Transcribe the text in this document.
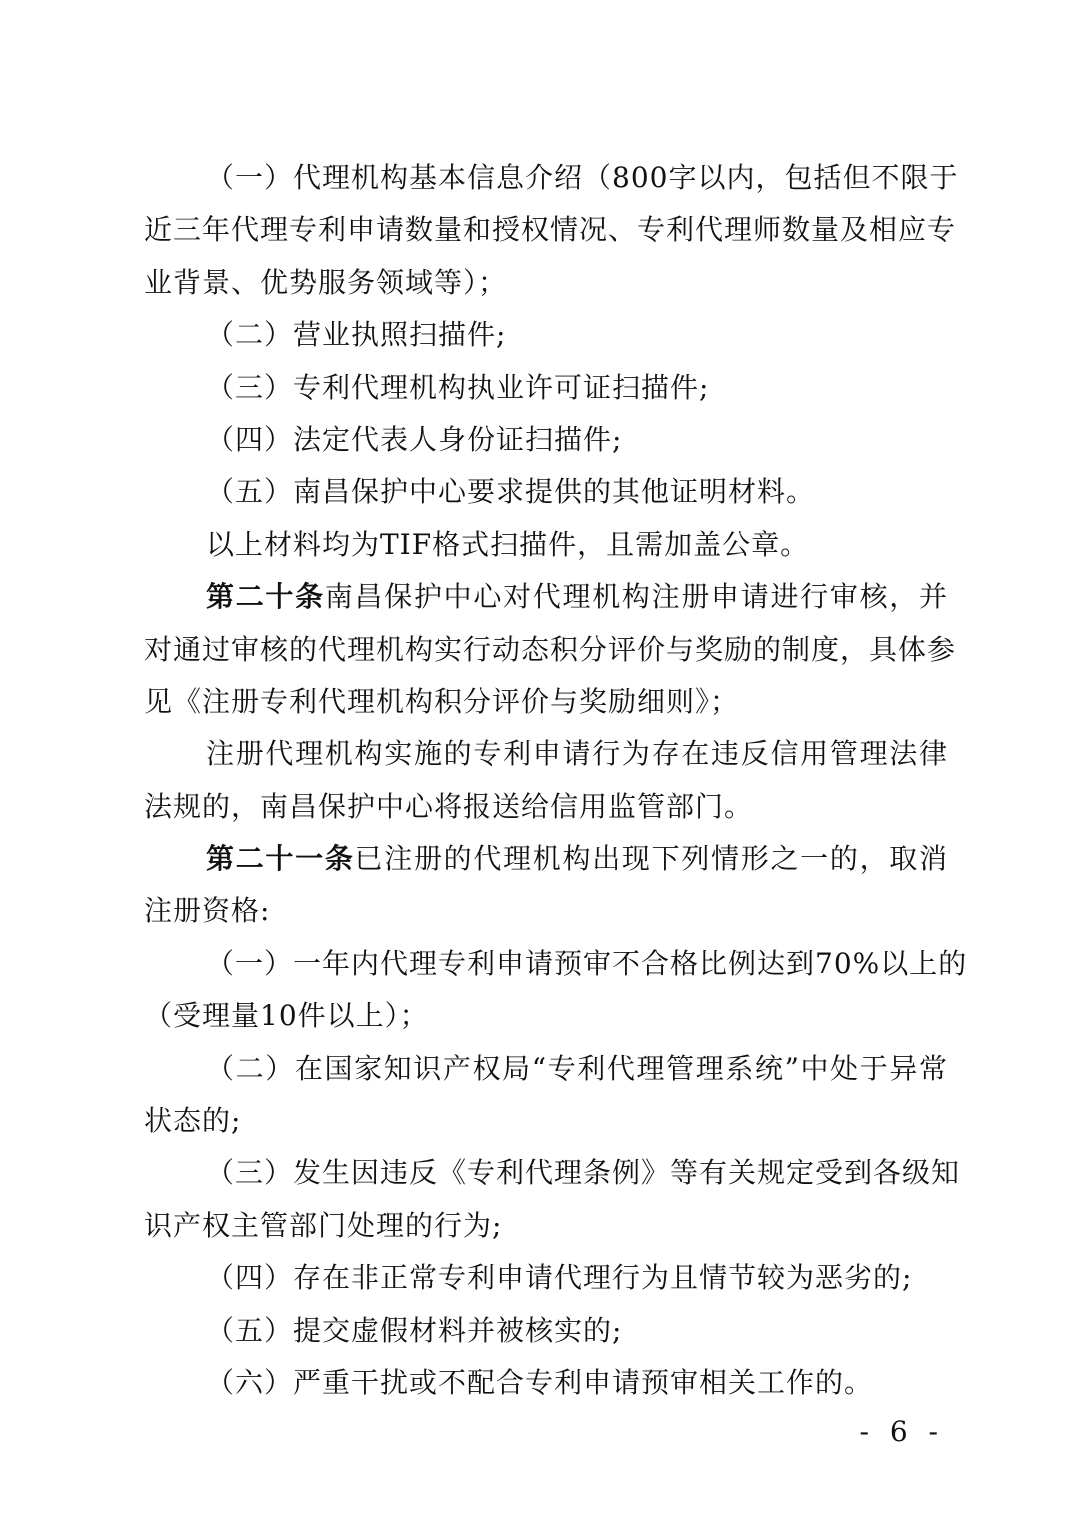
（一）代理机构基本信息介绍（800字以内，包括但不限于
近三年代理专利申请数量和授权情况、专利代理师数量及相应专
业背景、优势服务领域等）；
（二）营业执照扫描件;
（三）专利代理机构执业许可证扫描件;
（四）法定代表人身份证扫描件;
（五）南昌保护中心要求提供的其他证明材料。
以上材料均为TIF格式扫描件，且需加盖公章。
第二十条南昌保护中心对代理机构注册申请进行审核，并
对通过审核的代理机构实行动态积分评价与奖励的制度，具体参
见《注册专利代理机构积分评价与奖励细则》；
注册代理机构实施的专利申请行为存在违反信用管理法律
法规的，南昌保护中心将报送给信用监管部门。
第二十一条已注册的代理机构出现下列情形之一的，取消
注册资格:
（一）一年内代理专利申请预审不合格比例达到70%以上的
（受理量10件以上）；
（二）在国家知识产权局“专利代理管理系统”中处于异常
状态的;
（三）发生因违反《专利代理条例》等有关规定受到各级知
识产权主管部门处理的行为;
（四）存在非正常专利申请代理行为且情节较为恶劣的;
（五）提交虚假材料并被核实的;
（六）严重干扰或不配合专利申请预审相关工作的。
- 6 -
